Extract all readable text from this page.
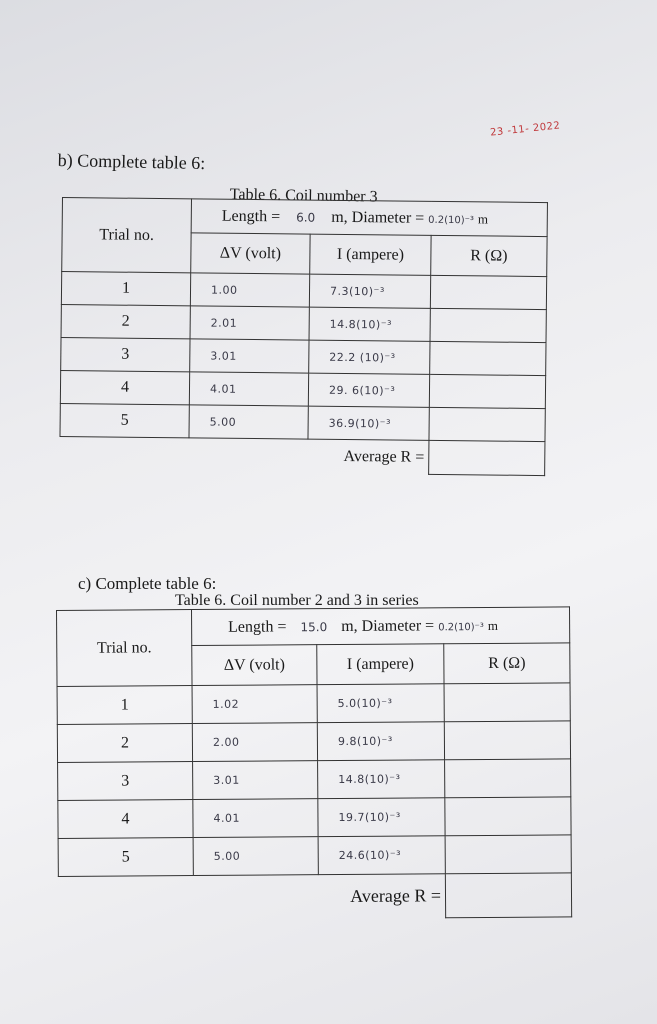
23 -11- 2022
b) Complete table 6:
Table 6. Coil number 3
Trial no.	Length = 6.0 m, Diameter = 0.2(10)⁻³ m		
	ΔV (volt)	I (ampere)	R (Ω)
1	1.00	7.3(10)⁻³	
2	2.01	14.8(10)⁻³	
3	3.01	22.2 (10)⁻³	
4	4.01	29. 6(10)⁻³	
5	5.00	36.9(10)⁻³	
	Average R =		
c) Complete table 6:
Table 6. Coil number 2 and 3 in series
Trial no.	Length = 15.0 m, Diameter = 0.2(10)⁻³ m		
	ΔV (volt)	I (ampere)	R (Ω)
1	1.02	5.0(10)⁻³	
2	2.00	9.8(10)⁻³	
3	3.01	14.8(10)⁻³	
4	4.01	19.7(10)⁻³	
5	5.00	24.6(10)⁻³	
	Average R =		
